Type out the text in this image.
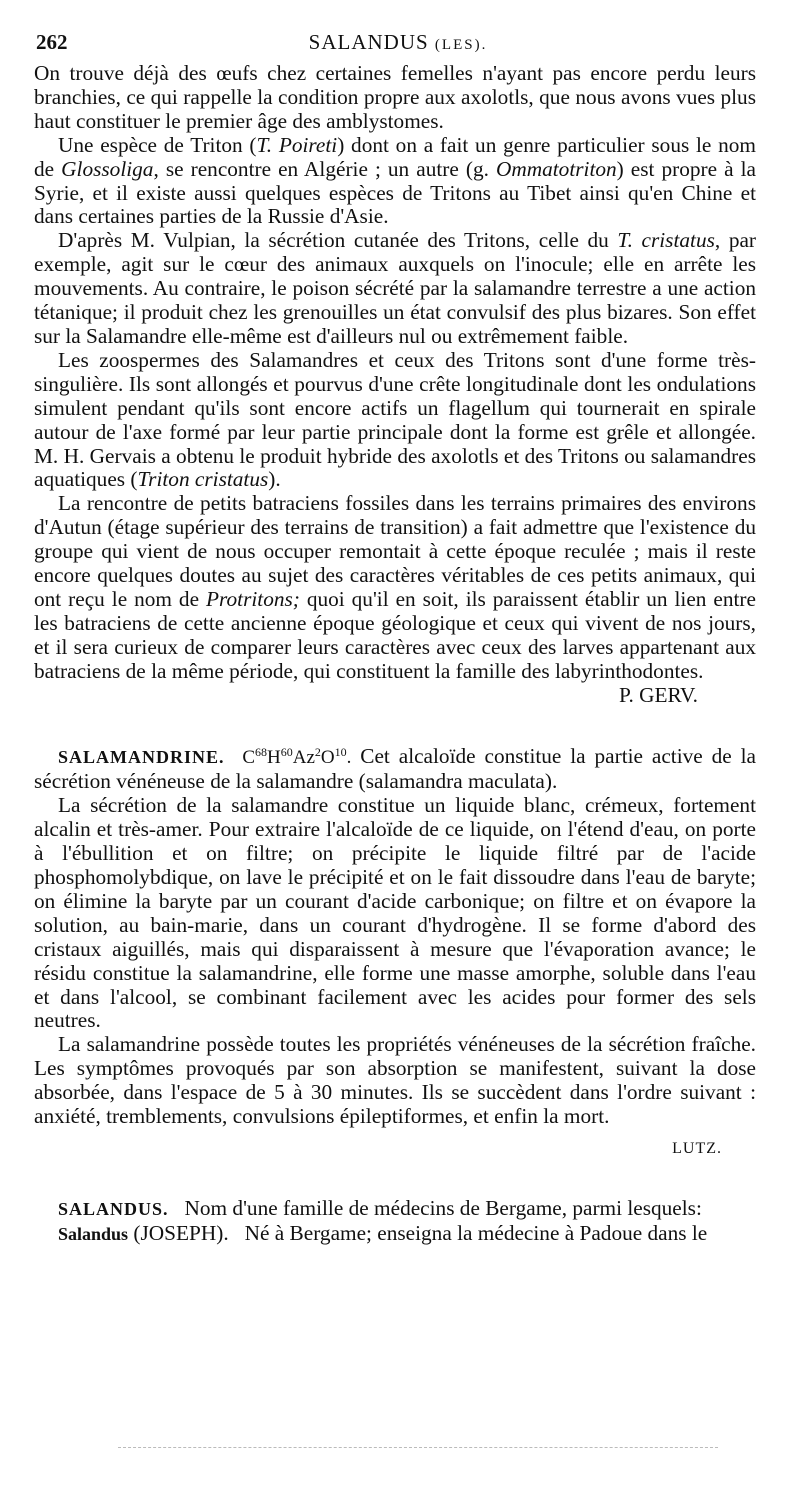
262	SALANDUS (LES).

On trouve déjà des œufs chez certaines femelles n'ayant pas encore perdu leurs branchies, ce qui rappelle la condition propre aux axolotls, que nous avons vues plus haut constituer le premier âge des amblystomes.

Une espèce de Triton (T. Poireti) dont on a fait un genre particulier sous le nom de Glossoliga, se rencontre en Algérie ; un autre (g. Ommatotriton) est propre à la Syrie, et il existe aussi quelques espèces de Tritons au Tibet ainsi qu'en Chine et dans certaines parties de la Russie d'Asie.

D'après M. Vulpian, la sécrétion cutanée des Tritons, celle du T. cristatus, par exemple, agit sur le cœur des animaux auxquels on l'inocule; elle en arrête les mouvements. Au contraire, le poison sécrété par la salamandre terrestre a une action tétanique; il produit chez les grenouilles un état convulsif des plus bizares. Son effet sur la Salamandre elle-même est d'ailleurs nul ou extrêmement faible.

Les zoospermes des Salamandres et ceux des Tritons sont d'une forme très-singulière. Ils sont allongés et pourvus d'une crête longitudinale dont les ondulations simulent pendant qu'ils sont encore actifs un flagellum qui tournerait en spirale autour de l'axe formé par leur partie principale dont la forme est grêle et allongée. M. H. Gervais a obtenu le produit hybride des axolotls et des Tritons ou salamandres aquatiques (Triton cristatus).

La rencontre de petits batraciens fossiles dans les terrains primaires des environs d'Autun (étage supérieur des terrains de transition) a fait admettre que l'existence du groupe qui vient de nous occuper remontait à cette époque reculée ; mais il reste encore quelques doutes au sujet des caractères véritables de ces petits animaux, qui ont reçu le nom de Protritons; quoi qu'il en soit, ils paraissent établir un lien entre les batraciens de cette ancienne époque géologique et ceux qui vivent de nos jours, et il sera curieux de comparer leurs caractères avec ceux des larves appartenant aux batraciens de la même période, qui constituent la famille des labyrinthodontes.

P. GERV.

SALAMANDRINE. $C^{68}H^{60}Az^2O^{10}$. Cet alcaloïde constitue la partie active de la sécrétion vénéneuse de la salamandre (salamandra maculata).

La sécrétion de la salamandre constitue un liquide blanc, crémeux, fortement alcalin et très-amer. Pour extraire l'alcaloïde de ce liquide, on l'étend d'eau, on porte à l'ébullition et on filtre; on précipite le liquide filtré par de l'acide phosphomolybdique, on lave le précipité et on le fait dissoudre dans l'eau de baryte; on élimine la baryte par un courant d'acide carbonique; on filtre et on évapore la solution, au bain-marie, dans un courant d'hydrogène. Il se forme d'abord des cristaux aiguillés, mais qui disparaissent à mesure que l'évaporation avance; le résidu constitue la salamandrine, elle forme une masse amorphe, soluble dans l'eau et dans l'alcool, se combinant facilement avec les acides pour former des sels neutres.

La salamandrine possède toutes les propriétés vénéneuses de la sécrétion fraîche. Les symptômes provoqués par son absorption se manifestent, suivant la dose absorbée, dans l'espace de 5 à 30 minutes. Ils se succèdent dans l'ordre suivant : anxiété, tremblements, convulsions épileptiformes, et enfin la mort.

LUTZ.

SALANDUS.   Nom d'une famille de médecins de Bergame, parmi lesquels:

Salandus (JOSEPH).   Né à Bergame; enseigna la médecine à Padoue dans le
